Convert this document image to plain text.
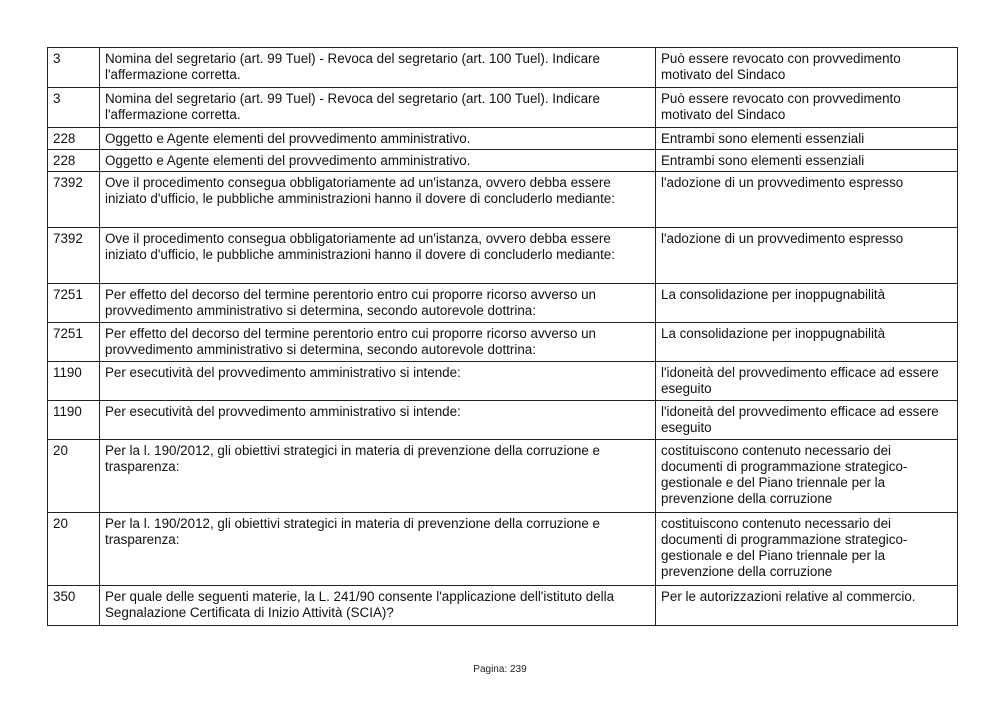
3	Nomina del segretario (art. 99 Tuel) - Revoca del segretario (art. 100 Tuel). Indicare l'affermazione corretta.	Può essere revocato con provvedimento motivato del Sindaco
3	Nomina del segretario (art. 99 Tuel) - Revoca del segretario (art. 100 Tuel). Indicare l'affermazione corretta.	Può essere revocato con provvedimento motivato del Sindaco
228	Oggetto e Agente elementi del provvedimento amministrativo.	Entrambi sono elementi essenziali
228	Oggetto e Agente elementi del provvedimento amministrativo.	Entrambi sono elementi essenziali
7392	Ove il procedimento consegua obbligatoriamente ad un'istanza, ovvero debba essere iniziato d'ufficio, le pubbliche amministrazioni hanno il dovere di concluderlo mediante:	l'adozione di un provvedimento espresso
7392	Ove il procedimento consegua obbligatoriamente ad un'istanza, ovvero debba essere iniziato d'ufficio, le pubbliche amministrazioni hanno il dovere di concluderlo mediante:	l'adozione di un provvedimento espresso
7251	Per effetto del decorso del termine perentorio entro cui proporre ricorso avverso un provvedimento amministrativo si determina, secondo autorevole dottrina:	La consolidazione per inoppugnabilità
7251	Per effetto del decorso del termine perentorio entro cui proporre ricorso avverso un provvedimento amministrativo si determina, secondo autorevole dottrina:	La consolidazione per inoppugnabilità
1190	Per esecutività del provvedimento amministrativo si intende:	l'idoneità del provvedimento efficace ad essere eseguito
1190	Per esecutività del provvedimento amministrativo si intende:	l'idoneità del provvedimento efficace ad essere eseguito
20	Per la l. 190/2012, gli obiettivi strategici in materia di prevenzione della corruzione e trasparenza:	costituiscono contenuto necessario dei documenti di programmazione strategico-gestionale e del Piano triennale per la prevenzione della corruzione
20	Per la l. 190/2012, gli obiettivi strategici in materia di prevenzione della corruzione e trasparenza:	costituiscono contenuto necessario dei documenti di programmazione strategico-gestionale e del Piano triennale per la prevenzione della corruzione
350	Per quale delle seguenti materie, la L. 241/90 consente l'applicazione dell'istituto della Segnalazione Certificata di Inizio Attività (SCIA)?	Per le autorizzazioni relative al commercio.
Pagina: 239
